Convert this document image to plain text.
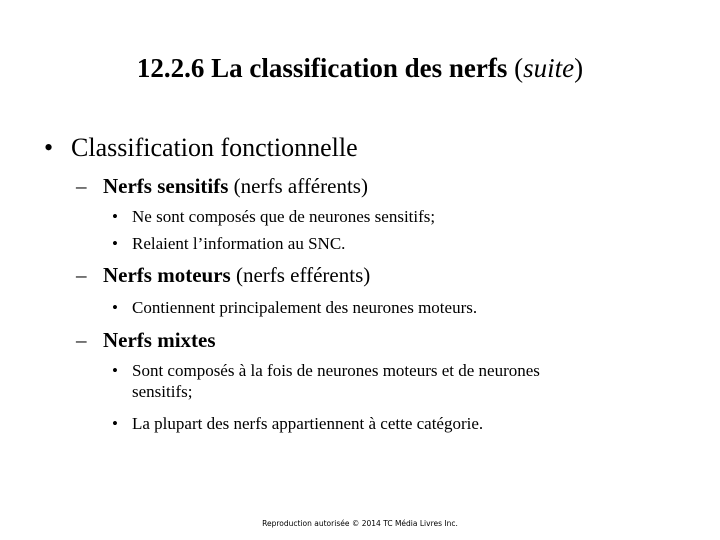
12.2.6 La classification des nerfs (suite)
• Classification fonctionnelle
– Nerfs sensitifs (nerfs afférents)
• Ne sont composés que de neurones sensitifs;
• Relaient l’information au SNC.
– Nerfs moteurs (nerfs efférents)
• Contiennent principalement des neurones moteurs.
– Nerfs mixtes
• Sont composés à la fois de neurones moteurs et de neurones
sensitifs;
• La plupart des nerfs appartiennent à cette catégorie.
Reproduction autorisée © 2014 TC Média Livres Inc.
